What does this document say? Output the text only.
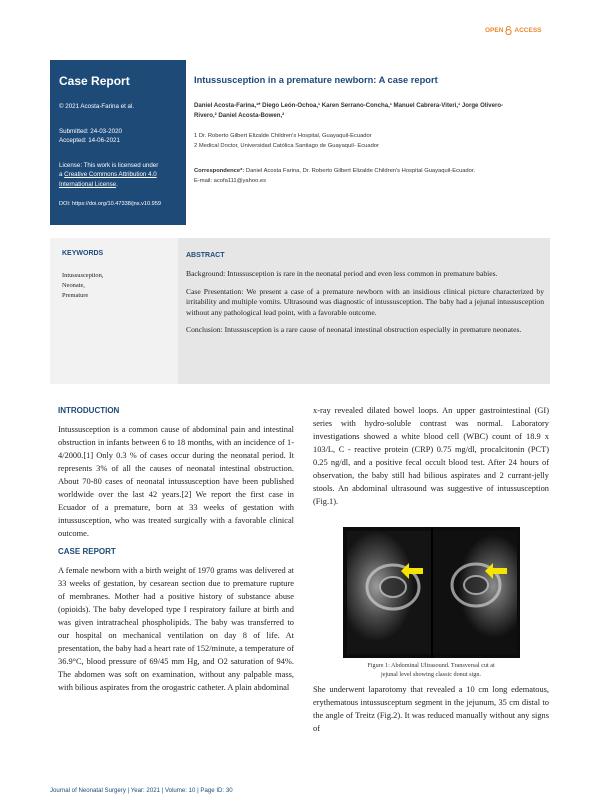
OPEN ACCESS
Case Report
© 2021 Acosta-Farina et al.
Submitted: 24-03-2020
Accepted: 14-06-2021
License: This work is licensed under
a Creative Commons Attribution 4.0
International License.
DOI: https://doi.org/10.47338/jns.v10.959
Intussusception in a premature newborn: A case report
Daniel Acosta-Farina,¹* Diego León-Ochoa,¹ Karen Serrano-Concha,¹ Manuel Cabrera-Viteri,¹ Jorge Olivero-
Rivero,² Daniel Acosta-Bowen,²
1 Dr. Roberto Gilbert Elizalde Children's Hospital, Guayaquil-Ecuador
2 Medical Doctor, Universidad Católica Santiago de Guayaquil- Ecuador
Correspondence*: Daniel Acosta Farina, Dr. Roberto Gilbert Elizalde Children's Hospital Guayaquil-Ecuador.
E-mail: acofa111@yahoo.es
KEYWORDS
Intussusception,
Neonate,
Premature
ABSTRACT

Background: Intussusception is rare in the neonatal period and even less common in premature babies.

Case Presentation: We present a case of a premature newborn with an insidious clinical picture characterized by irritability and multiple vomits. Ultrasound was diagnostic of intussusception. The baby had a jejunal intussusception without any pathological lead point, with a favorable outcome.

Conclusion: Intussusception is a rare cause of neonatal intestinal obstruction especially in premature neonates.

INTRODUCTION

Intussusception is a common cause of abdominal pain and intestinal obstruction in infants between 6 to 18 months, with an incidence of 1-4/2000.[1] Only 0.3 % of cases occur during the neonatal period. It represents 3% of all the causes of neonatal intestinal obstruction. About 70-80 cases of neonatal intussusception have been published worldwide over the last 42 years.[2] We report the first case in Ecuador of a premature, born at 33 weeks of gestation with intussusception, who was treated surgically with a favorable clinical outcome.

CASE REPORT

A female newborn with a birth weight of 1970 grams was delivered at 33 weeks of gestation, by cesarean section due to premature rupture of membranes. Mother had a positive history of substance abuse (opioids). The baby developed type I respiratory failure at birth and was given intratracheal phospholipids. The baby was transferred to our hospital on mechanical ventilation on day 8 of life. At presentation, the baby had a heart rate of 152/minute, a temperature of 36.9°C, blood pressure of 69/45 mm Hg, and O2 saturation of 94%. The abdomen was soft on examination, without any palpable mass, with bilious aspirates from the orogastric catheter. A plain abdominal

x-ray revealed dilated bowel loops. An upper gastrointestinal (GI) series with hydro-soluble contrast was normal. Laboratory investigations showed a white blood cell (WBC) count of 18.9 x 103/L, C - reactive protein (CRP) 0.75 mg/dl, procalcitonin (PCT) 0.25 ng/dl, and a positive fecal occult blood test. After 24 hours of observation, the baby still had bilious aspirates and 2 currant-jelly stools. An abdominal ultrasound was suggestive of intussusception (Fig.1).

Figure 1: Abdominal Ultrasound. Transversal cut at
jejunal level showing classic donut sign.

She underwent laparotomy that revealed a 10 cm long edematous, erythematous intussusceptum segment in the jejunum, 35 cm distal to the angle of Treitz (Fig.2). It was reduced manually without any signs of

Journal of Neonatal Surgery | Year: 2021 | Volume: 10 | Page ID: 30
